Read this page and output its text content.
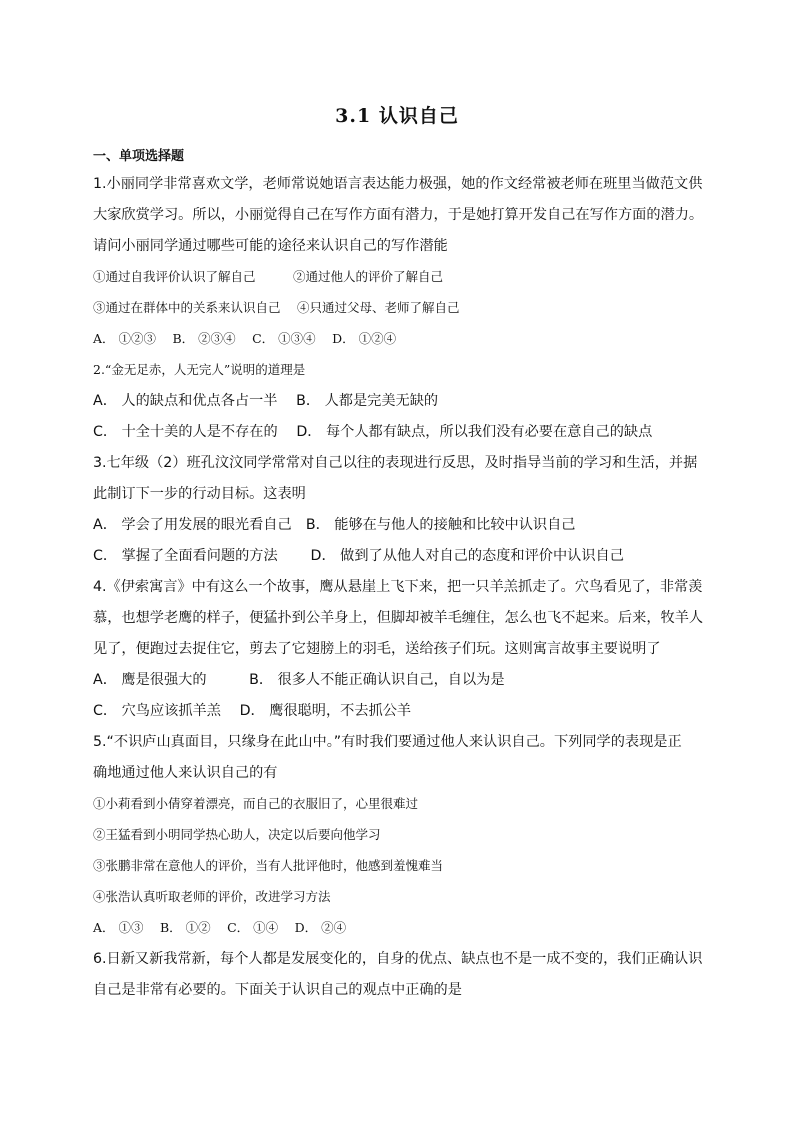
3.1 认识自己
一、单项选择题
1.小丽同学非常喜欢文学，老师常说她语言表达能力极强，她的作文经常被老师在班里当做范文供
大家欣赏学习。所以，小丽觉得自己在写作方面有潜力，于是她打算开发自己在写作方面的潜力。
请问小丽同学通过哪些可能的途径来认识自己的写作潜能
①通过自我评价认识了解自己　　　②通过他人的评价了解自己
③通过在群体中的关系来认识自己　 ④只通过父母、老师了解自己
A． ①②③　 B． ②③④　 C． ①③④　 D． ①②④
2.“金无足赤，人无完人”说明的道理是
A． 人的缺点和优点各占一半　 B． 人都是完美无缺的
C． 十全十美的人是不存在的　 D． 每个人都有缺点，所以我们没有必要在意自己的缺点
3.七年级（2）班孔汶汶同学常常对自己以往的表现进行反思，及时指导当前的学习和生活，并据
此制订下一步的行动目标。这表明
A． 学会了用发展的眼光看自己　B． 能够在与他人的接触和比较中认识自己
C． 掌握了全面看问题的方法　　 D． 做到了从他人对自己的态度和评价中认识自己
4.《伊索寓言》中有这么一个故事，鹰从悬崖上飞下来，把一只羊羔抓走了。穴鸟看见了，非常羡
慕，也想学老鹰的样子，便猛扑到公羊身上，但脚却被羊毛缠住，怎么也飞不起来。后来，牧羊人
见了，便跑过去捉住它，剪去了它翅膀上的羽毛，送给孩子们玩。这则寓言故事主要说明了
A． 鹰是很强大的　　　B． 很多人不能正确认识自己，自以为是
C． 穴鸟应该抓羊羔　 D． 鹰很聪明，不去抓公羊
5.“不识庐山真面目，只缘身在此山中。”有时我们要通过他人来认识自己。下列同学的表现是正
确地通过他人来认识自己的有
①小莉看到小倩穿着漂亮，而自己的衣服旧了，心里很难过
②王猛看到小明同学热心助人，决定以后要向他学习
③张鹏非常在意他人的评价，当有人批评他时，他感到羞愧难当
④张浩认真听取老师的评价，改进学习方法
A． ①③　 B． ①②　 C． ①④　 D． ②④
6.日新又新我常新，每个人都是发展变化的，自身的优点、缺点也不是一成不变的，我们正确认识
自己是非常有必要的。下面关于认识自己的观点中正确的是
